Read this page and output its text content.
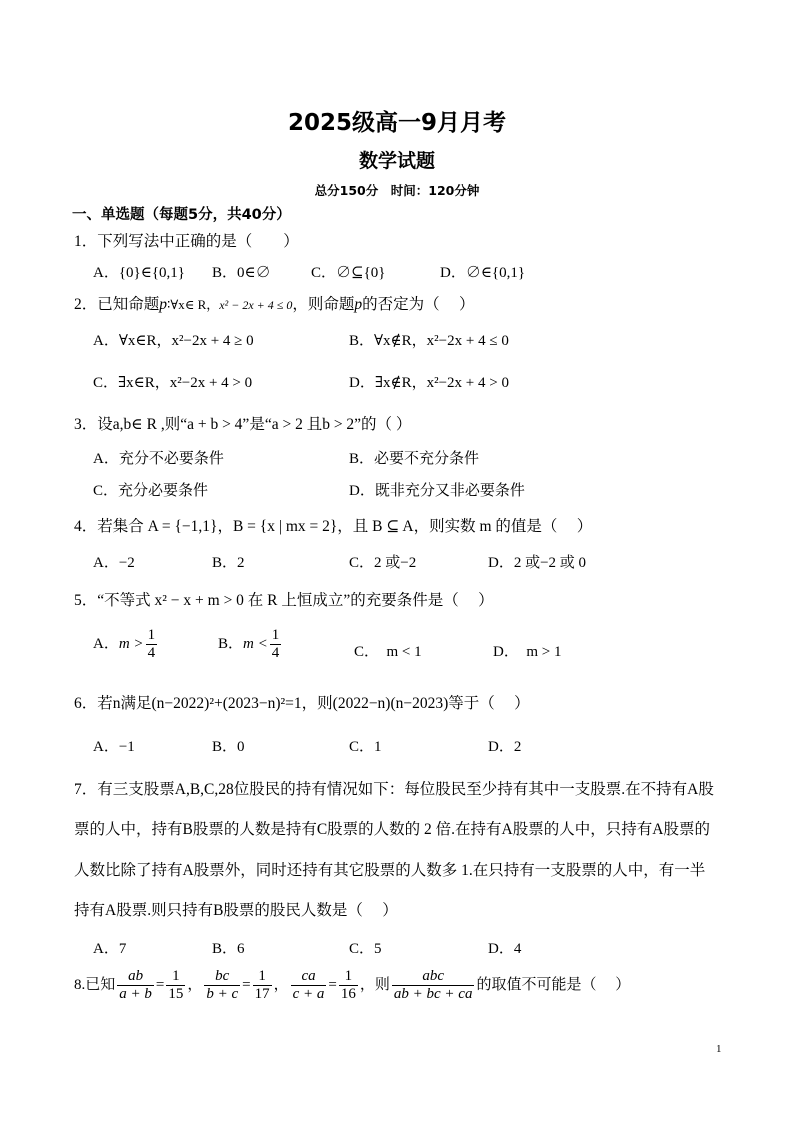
2025级高一9月月考
数学试题
总分150分　时间：120分钟
一、单选题（每题5分，共40分）
1．下列写法中正确的是（　　）
A．{0}∈{0,1} B．0∈∅	C．∅⊆{0}	D．∅∈{0,1}
2．已知命题p∶∀x∈ R，x² − 2x + 4 ≤ 0，则命题p的否定为（　 ）
A．∀x∈R，x²−2x + 4 ≥ 0	B．∀x∉R，x²−2x + 4 ≤ 0
C．∃x∈R，x²−2x + 4 > 0	D．∃x∉R，x²−2x + 4 > 0
3．设a,b∈ R ,则“a + b > 4”是“a > 2 且b > 2”的（ ）
A．充分不必要条件	B．必要不充分条件
C．充分必要条件	D．既非充分又非必要条件
4．若集合 A = {−1,1}，B = {x | mx = 2}，且 B ⊆ A，则实数 m 的值是（　 ）
A．−2	B．2	C．2 或−2	D．2 或−2 或 0
5．“不等式 x² − x + m > 0 在 R 上恒成立”的充要条件是（　 ）
A．$m > \frac{1}{4}$	B．$m < \frac{1}{4}$	C．　m < 1	D．　m > 1
6．若n满足(n−2022)²+(2023−n)²=1，则(2022−n)(n−2023)等于（　 ）
A．−1	B．0	C．1	D．2
7．有三支股票A,B,C,28位股民的持有情况如下：每位股民至少持有其中一支股票.在不持有A股
票的人中，持有B股票的人数是持有C股票的人数的 2 倍.在持有A股票的人中，只持有A股票的
人数比除了持有A股票外，同时还持有其它股票的人数多 1.在只持有一支股票的人中，有一半
持有A股票.则只持有B股票的股民人数是（　 ）
A．7	B．6	C．5	D．4
8.已知 $\frac{ab}{a + b} = \frac{1}{15}$ ， $\frac{bc}{b + c} = \frac{1}{17}$ ， $\frac{ca}{c + a} = \frac{1}{16}$ ，则 $\frac{\text{abc}}{ab + bc + ca}$ 的取值不可能是（　 ）
1
